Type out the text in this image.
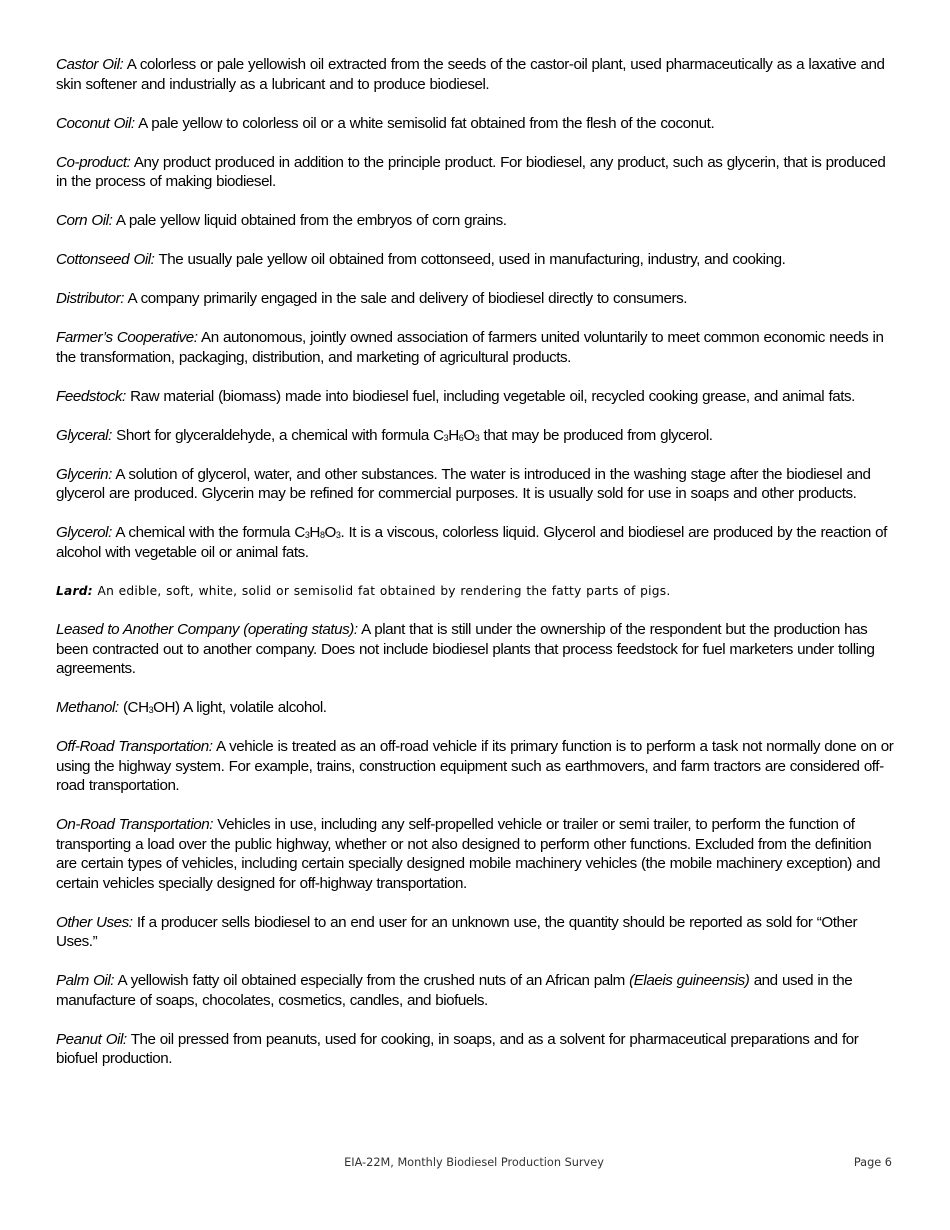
Castor Oil: A colorless or pale yellowish oil extracted from the seeds of the castor-oil plant, used pharmaceutically as a laxative and skin softener and industrially as a lubricant and to produce biodiesel.

Coconut Oil: A pale yellow to colorless oil or a white semisolid fat obtained from the flesh of the coconut.

Co-product: Any product produced in addition to the principle product. For biodiesel, any product, such as glycerin, that is produced in the process of making biodiesel.

Corn Oil: A pale yellow liquid obtained from the embryos of corn grains.

Cottonseed Oil: The usually pale yellow oil obtained from cottonseed, used in manufacturing, industry, and cooking.

Distributor: A company primarily engaged in the sale and delivery of biodiesel directly to consumers.

Farmer’s Cooperative: An autonomous, jointly owned association of farmers united voluntarily to meet common economic needs in the transformation, packaging, distribution, and marketing of agricultural products.

Feedstock: Raw material (biomass) made into biodiesel fuel, including vegetable oil, recycled cooking grease, and animal fats.

Glyceral: Short for glyceraldehyde, a chemical with formula $C_3H_6O_3$ that may be produced from glycerol.

Glycerin: A solution of glycerol, water, and other substances. The water is introduced in the washing stage after the biodiesel and glycerol are produced. Glycerin may be refined for commercial purposes. It is usually sold for use in soaps and other products.

Glycerol: A chemical with the formula $C_3H_8O_3$. It is a viscous, colorless liquid. Glycerol and biodiesel are produced by the reaction of alcohol with vegetable oil or animal fats.

Lard: An edible, soft, white, solid or semisolid fat obtained by rendering the fatty parts of pigs.

Leased to Another Company (operating status): A plant that is still under the ownership of the respondent but the production has been contracted out to another company. Does not include biodiesel plants that process feedstock for fuel marketers under tolling agreements.

Methanol: $(CH_3OH)$ A light, volatile alcohol.

Off-Road Transportation: A vehicle is treated as an off-road vehicle if its primary function is to perform a task not normally done on or using the highway system. For example, trains, construction equipment such as earthmovers, and farm tractors are considered off-road transportation.

On-Road Transportation: Vehicles in use, including any self-propelled vehicle or trailer or semi trailer, to perform the function of transporting a load over the public highway, whether or not also designed to perform other functions. Excluded from the definition are certain types of vehicles, including certain specially designed mobile machinery vehicles (the mobile machinery exception) and certain vehicles specially designed for off-highway transportation.

Other Uses: If a producer sells biodiesel to an end user for an unknown use, the quantity should be reported as sold for “Other Uses.”

Palm Oil: A yellowish fatty oil obtained especially from the crushed nuts of an African palm (Elaeis guineensis) and used in the manufacture of soaps, chocolates, cosmetics, candles, and biofuels.

Peanut Oil: The oil pressed from peanuts, used for cooking, in soaps, and as a solvent for pharmaceutical preparations and for biofuel production.

EIA-22M, Monthly Biodiesel Production Survey	Page 6
